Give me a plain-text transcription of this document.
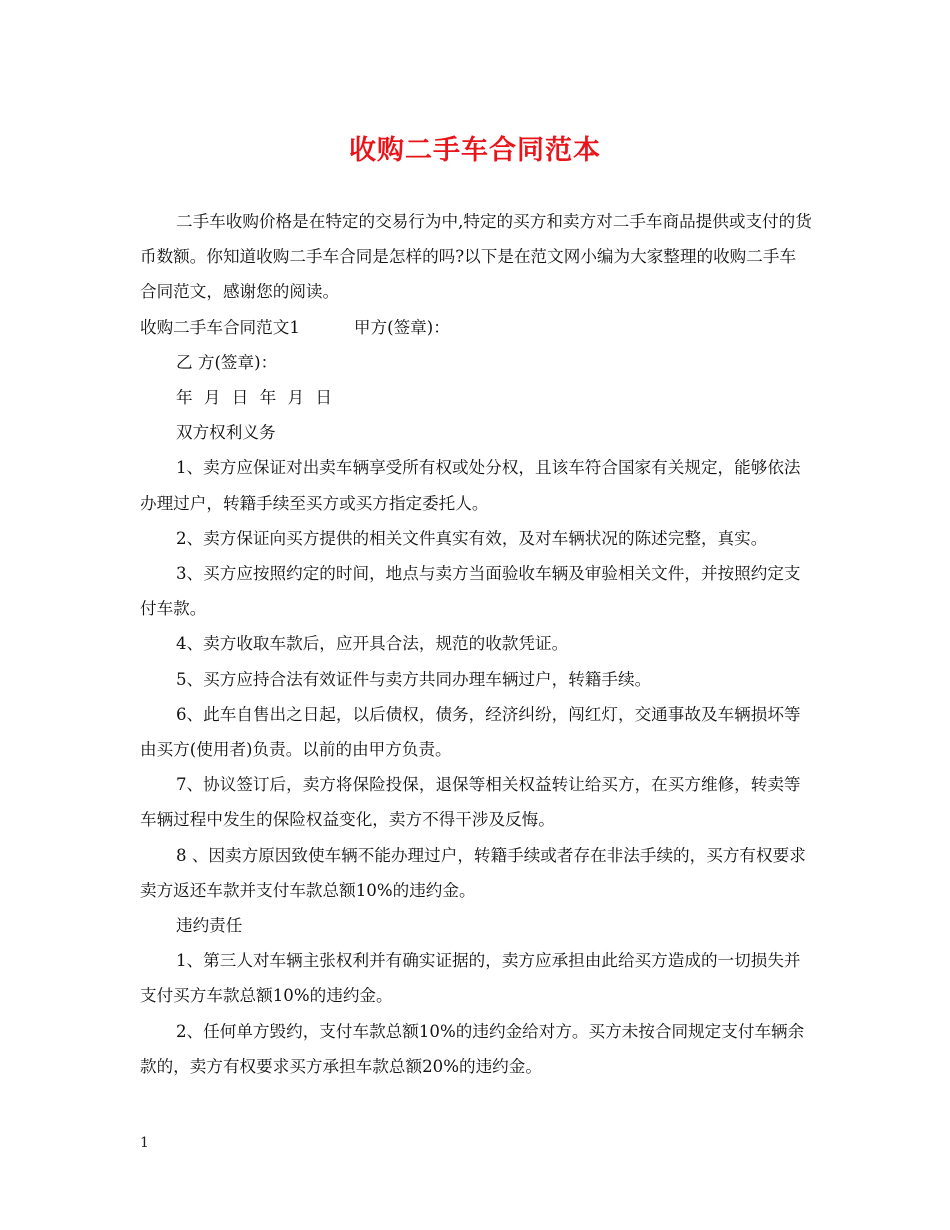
收购二手车合同范本

二手车收购价格是在特定的交易行为中,特定的买方和卖方对二手车商品提供或支付的货币数额。你知道收购二手车合同是怎样的吗?以下是在范文网小编为大家整理的收购二手车合同范文，感谢您的阅读。

收购二手车合同范文1	甲方(签章)：

乙 方(签章)：

年 月 日 年 月 日

双方权利义务

1、卖方应保证对出卖车辆享受所有权或处分权，且该车符合国家有关规定，能够依法办理过户，转籍手续至买方或买方指定委托人。

2、卖方保证向买方提供的相关文件真实有效，及对车辆状况的陈述完整，真实。

3、买方应按照约定的时间，地点与卖方当面验收车辆及审验相关文件，并按照约定支付车款。

4、卖方收取车款后，应开具合法，规范的收款凭证。

5、买方应持合法有效证件与卖方共同办理车辆过户，转籍手续。

6、此车自售出之日起，以后债权，债务，经济纠纷，闯红灯，交通事故及车辆损坏等由买方(使用者)负责。以前的由甲方负责。

7、协议签订后，卖方将保险投保，退保等相关权益转让给买方，在买方维修，转卖等车辆过程中发生的保险权益变化，卖方不得干涉及反悔。

8 、因卖方原因致使车辆不能办理过户，转籍手续或者存在非法手续的，买方有权要求卖方返还车款并支付车款总额10%的违约金。

违约责任

1、第三人对车辆主张权利并有确实证据的，卖方应承担由此给买方造成的一切损失并支付买方车款总额10%的违约金。

2、任何单方毁约，支付车款总额10%的违约金给对方。买方未按合同规定支付车辆余款的，卖方有权要求买方承担车款总额20%的违约金。

1
